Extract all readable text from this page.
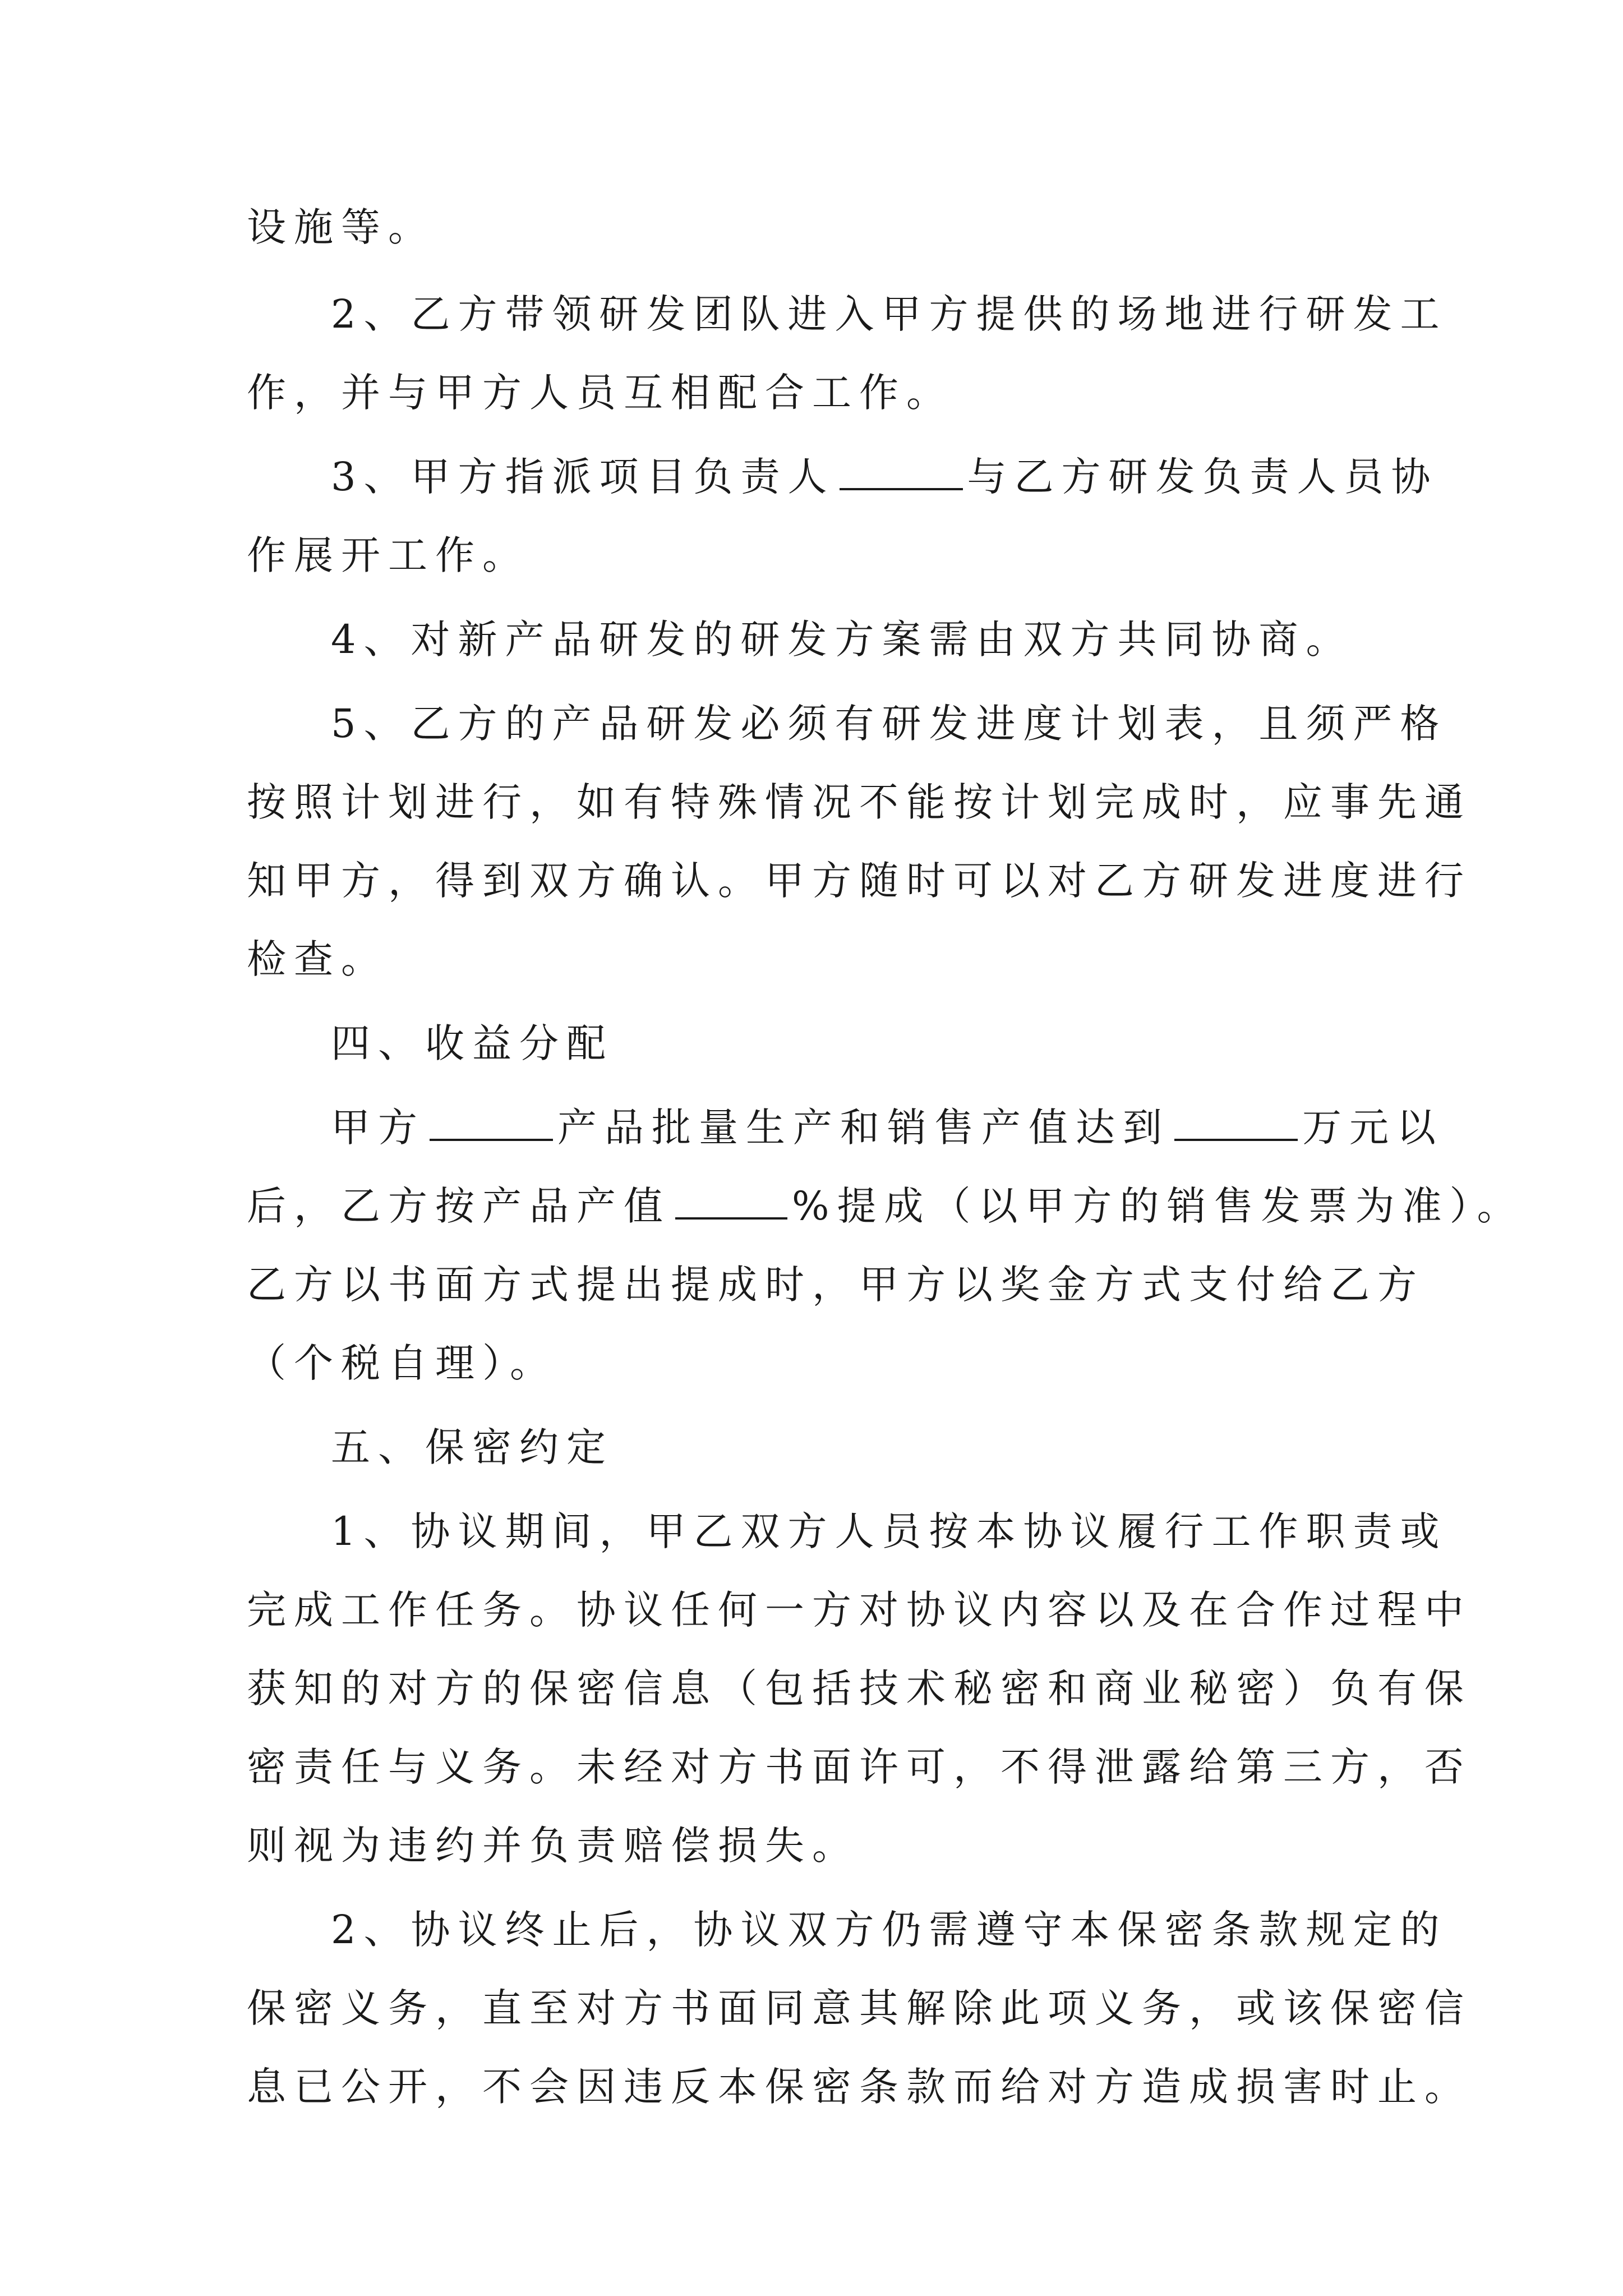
设施等。
2、乙方带领研发团队进入甲方提供的场地进行研发工
作，并与甲方人员互相配合工作。
3、甲方指派项目负责人	与乙方研发负责人员协
作展开工作。
4、对新产品研发的研发方案需由双方共同协商。
5、乙方的产品研发必须有研发进度计划表，且须严格
按照计划进行，如有特殊情况不能按计划完成时，应事先通
知甲方，得到双方确认。甲方随时可以对乙方研发进度进行
检查。
四、收益分配
甲方	产品批量生产和销售产值达到	万元以
后，乙方按产品产值	%提成（以甲方的销售发票为准）。
乙方以书面方式提出提成时，甲方以奖金方式支付给乙方
（个税自理）。
五、保密约定
1、协议期间，甲乙双方人员按本协议履行工作职责或
完成工作任务。协议任何一方对协议内容以及在合作过程中
获知的对方的保密信息（包括技术秘密和商业秘密）负有保
密责任与义务。未经对方书面许可，不得泄露给第三方，否
则视为违约并负责赔偿损失。
2、协议终止后，协议双方仍需遵守本保密条款规定的
保密义务，直至对方书面同意其解除此项义务，或该保密信
息已公开，不会因违反本保密条款而给对方造成损害时止。
